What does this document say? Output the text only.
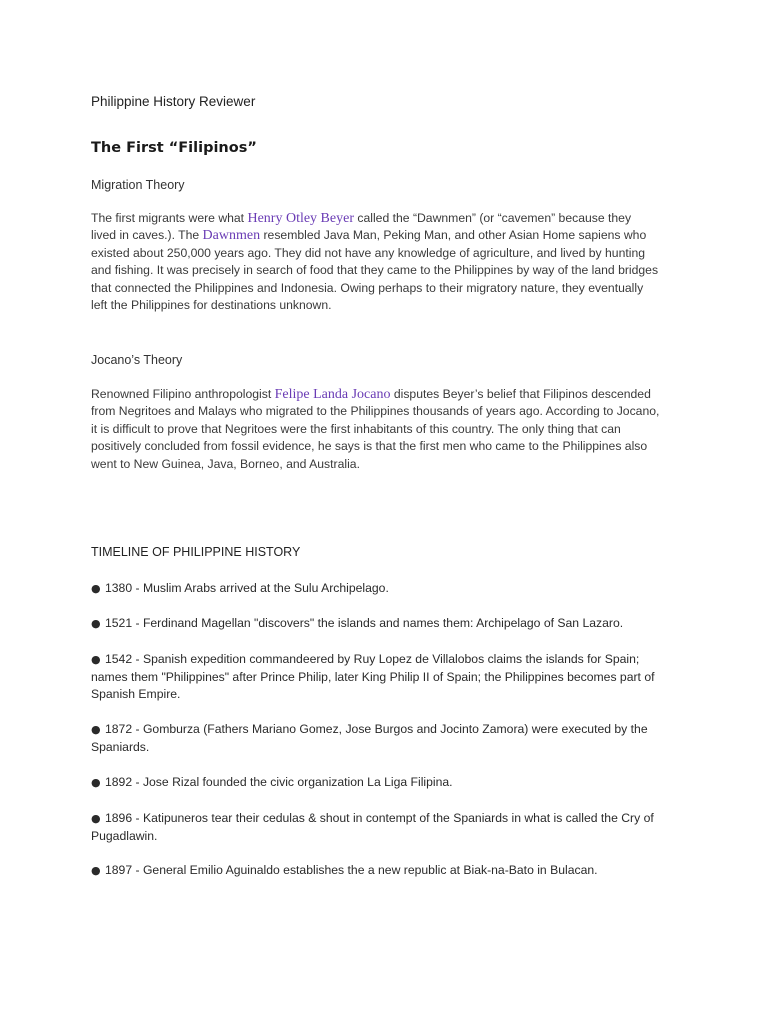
Philippine History Reviewer
The First “Filipinos”
Migration Theory
The first migrants were what Henry Otley Beyer called the “Dawnmen” (or “cavemen” because they
lived in caves.). The Dawnmen resembled Java Man, Peking Man, and other Asian Home sapiens who
existed about 250,000 years ago. They did not have any knowledge of agriculture, and lived by hunting
and fishing. It was precisely in search of food that they came to the Philippines by way of the land bridges
that connected the Philippines and Indonesia. Owing perhaps to their migratory nature, they eventually
left the Philippines for destinations unknown.
Jocano’s Theory
Renowned Filipino anthropologist Felipe Landa Jocano disputes Beyer’s belief that Filipinos descended
from Negritoes and Malays who migrated to the Philippines thousands of years ago. According to Jocano,
it is difficult to prove that Negritoes were the first inhabitants of this country. The only thing that can
positively concluded from fossil evidence, he says is that the first men who came to the Philippines also
went to New Guinea, Java, Borneo, and Australia.
TIMELINE OF PHILIPPINE HISTORY
● 1380 - Muslim Arabs arrived at the Sulu Archipelago.
● 1521 - Ferdinand Magellan "discovers" the islands and names them: Archipelago of San Lazaro.
● 1542 - Spanish expedition commandeered by Ruy Lopez de Villalobos claims the islands for Spain;
names them "Philippines" after Prince Philip, later King Philip II of Spain; the Philippines becomes part of
Spanish Empire.
● 1872 - Gomburza (Fathers Mariano Gomez, Jose Burgos and Jocinto Zamora) were executed by the
Spaniards.
● 1892 - Jose Rizal founded the civic organization La Liga Filipina.
● 1896 - Katipuneros tear their cedulas & shout in contempt of the Spaniards in what is called the Cry of
Pugadlawin.
● 1897 - General Emilio Aguinaldo establishes the a new republic at Biak-na-Bato in Bulacan.
